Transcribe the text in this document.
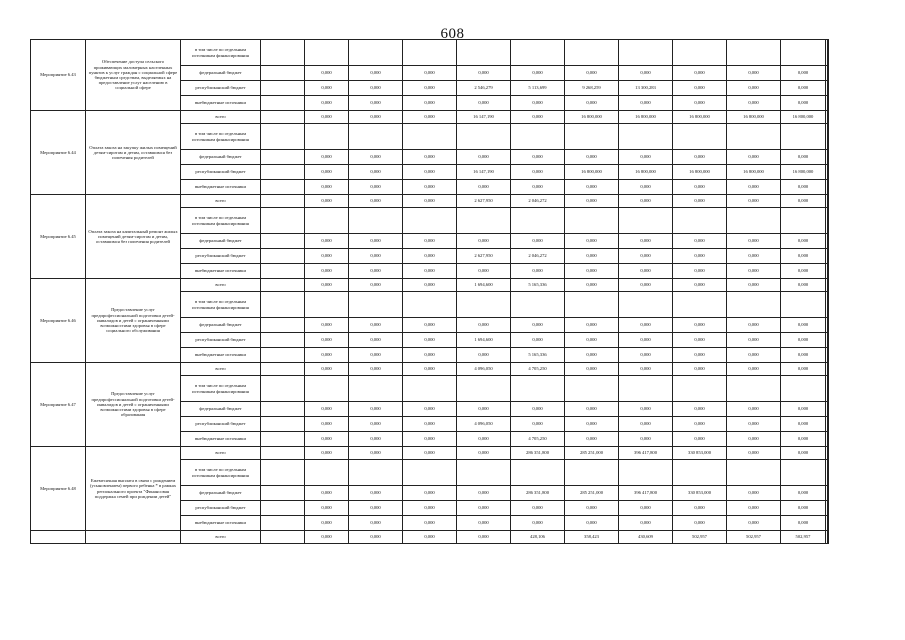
608
Мероприятие 6.43	Обеспечение доступа сельского проживающих маломерных населенных пунктов к услуг граждан с социальной сфере бюджетным средствам, выделяемых на предоставление услуг населению в социальной сфере	в том числе по отдельным источникам финансирования													
		федеральный бюджет		0,000	0,000	0,000	0,000	0,000	0,000	0,000	0,000	0,000	0,000		
		республиканский бюджет		0,000	0,000	0,000	2 546,279	5 113,699	9 268,259	13 300,283	0,000	0,000	0,000		
		внебюджетные источники		0,000	0,000	0,000	0,000	0,000	0,000	0,000	0,000	0,000	0,000		
Мероприятие 6.44	Оплата закоза на закупку жилых помещений детям-сиротам и детям, оставшимся без попечения родителей	всего		0,000	0,000	0,000	16 147,190	0,000	16 800,000	16 800,000	16 800,000	16 800,000	16 800,000		
		в том числе по отдельным источникам финансирования													
		федеральный бюджет		0,000	0,000	0,000	0,000	0,000	0,000	0,000	0,000	0,000	0,000		
		республиканский бюджет		0,000	0,000	0,000	16 147,190	0,000	16 800,000	16 800,000	16 800,000	16 800,000	16 800,000		
		внебюджетные источники		0,000	0,000	0,000	0,000	0,000	0,000	0,000	0,000	0,000	0,000		
Мероприятие 6.45	Оплата закоза на капитальный ремонт жилых помещений детям-сиротам и детям, оставшимся без попечения родителей	всего		0,000	0,000	0,000	2 627,950	2 046,272	0,000	0,000	0,000	0,000	0,000		
		в том числе по отдельным источникам финансирования													
		федеральный бюджет		0,000	0,000	0,000	0,000	0,000	0,000	0,000	0,000	0,000	0,000		
		республиканский бюджет		0,000	0,000	0,000	2 627,950	2 046,272	0,000	0,000	0,000	0,000	0,000		
		внебюджетные источники		0,000	0,000	0,000	0,000	0,000	0,000	0,000	0,000	0,000	0,000		
Мероприятие 6.46	Предоставление услуг предпрофессиональной подготовки детей-инвалидов и детей с ограниченными возможностями здоровья в сфере социального обслуживания	всего		0,000	0,000	0,000	1 694,600	5 165,336	0,000	0,000	0,000	0,000	0,000		
		в том числе по отдельным источникам финансирования													
		федеральный бюджет		0,000	0,000	0,000	0,000	0,000	0,000	0,000	0,000	0,000	0,000		
		республиканский бюджет		0,000	0,000	0,000	1 694,600	0,000	0,000	0,000	0,000	0,000	0,000		
		внебюджетные источники		0,000	0,000	0,000	0,000	5 165,336	0,000	0,000	0,000	0,000	0,000		
Мероприятие 6.47	Предоставление услуг предпрофессиональной подготовки детей-инвалидов и детей с ограниченными возможностями здоровья в сфере образования	всего		0,000	0,000	0,000	4 096,050	4 705,250	0,000	0,000	0,000	0,000	0,000		
		в том числе по отдельным источникам финансирования													
		федеральный бюджет		0,000	0,000	0,000	0,000	0,000	0,000	0,000	0,000	0,000	0,000		
		республиканский бюджет		0,000	0,000	0,000	4 096,050	0,000	0,000	0,000	0,000	0,000	0,000		
		внебюджетные источники		0,000	0,000	0,000	0,000	4 705,250	0,000	0,000	0,000	0,000	0,000		
Мероприятие 6.48	Ежемесячная выплата в связи с рождением (усыновлением) первого ребенка * в рамках регионального проекта "Финансовая поддержка семей при рождении детей"	всего		0,000	0,000	0,000	0,000	286 351,800	285 251,000	396 417,800	330 853,000	0,000	0,000		
		в том числе по отдельным источникам финансирования													
		федеральный бюджет		0,000	0,000	0,000	0,000	286 351,800	285 251,000	396 417,800	330 853,000	0,000	0,000		
		республиканский бюджет		0,000	0,000	0,000	0,000	0,000	0,000	0,000	0,000	0,000	0,000		
		внебюджетные источники		0,000	0,000	0,000	0,000	0,000	0,000	0,000	0,000	0,000	0,000		
		всего		0,000	0,000	0,000	0,000	428,106	358,423	430,609	502,957	502,957	502,957		
